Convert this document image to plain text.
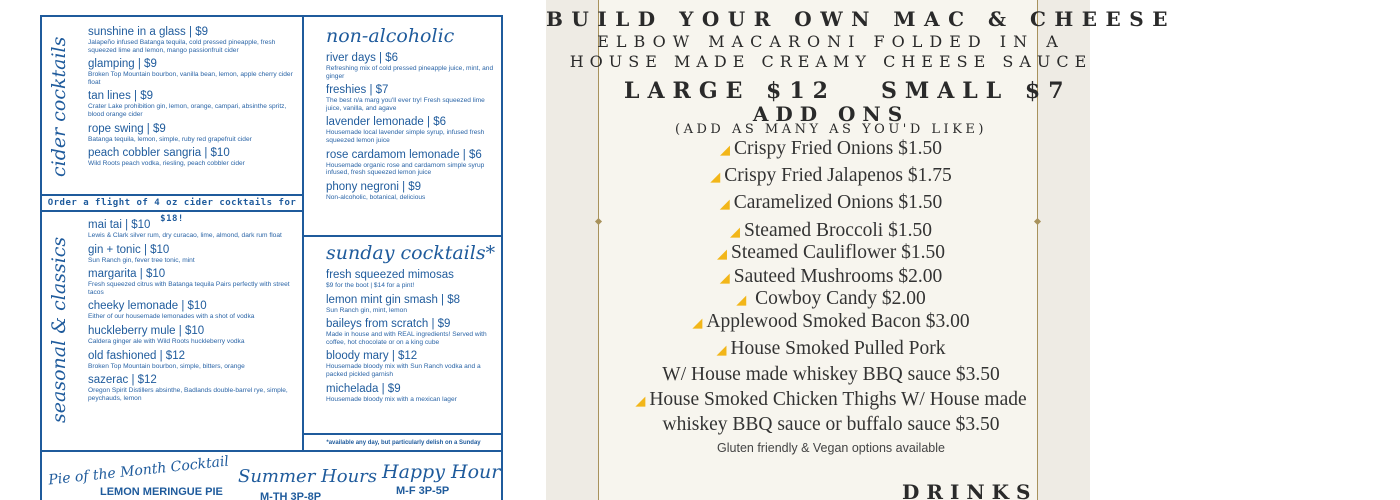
cider cocktails
seasonal & classics
sunshine in a glass | $9
Jalapeño infused Batanga tequila, cold pressed pineapple, fresh squeezed lime and lemon, mango passionfruit cider
glamping | $9
Broken Top Mountain bourbon, vanilla bean, lemon, apple cherry cider float
tan lines | $9
Crater Lake prohibition gin, lemon, orange, campari, absinthe spritz, blood orange cider
rope swing | $9
Batanga tequila, lemon, simple, ruby red grapefruit cider
peach cobbler sangria | $10
Wild Roots peach vodka, riesling, peach cobbler cider
Order a flight of 4 oz cider cocktails for $18!
mai tai | $10
Lewis & Clark silver rum, dry curacao, lime, almond, dark rum float
gin + tonic | $10
Sun Ranch gin, fever tree tonic, mint
margarita | $10
Fresh squeezed citrus with Batanga tequila Pairs perfectly with street tacos
cheeky lemonade | $10
Either of our housemade lemonades with a shot of vodka
huckleberry mule | $10
Caldera ginger ale with Wild Roots huckleberry vodka
old fashioned | $12
Broken Top Mountain bourbon, simple, bitters, orange
sazerac | $12
Oregon Spirit Distillers absinthe, Badlands double-barrel rye, simple, peychauds, lemon
non-alcoholic
river days | $6
Refreshing mix of cold pressed pineapple juice, mint, and ginger
freshies | $7
The best n/a marg you'll ever try! Fresh squeezed lime juice, vanilla, and agave
lavender lemonade | $6
Housemade local lavender simple syrup, infused fresh squeezed lemon juice
rose cardamom lemonade | $6
Housemade organic rose and cardamom simple syrup infused, fresh squeezed lemon juice
phony negroni | $9
Non-alcoholic, botanical, delicious
sunday cocktails*
fresh squeezed mimosas
$9 for the boot | $14 for a pint!
lemon mint gin smash | $8
Sun Ranch gin, mint, lemon
baileys from scratch | $9
Made in house and with REAL ingredients! Served with coffee, hot chocolate or on a king cube
bloody mary | $12
Housemade bloody mix with Sun Ranch vodka and a packed pickled garnish
michelada | $9
Housemade bloody mix with a mexican lager
*available any day, but particularly delish on a Sunday
Pie of the Month Cocktail
LEMON MERINGUE PIE
Summer Hours
M-TH 3P-8P
Happy Hour
M-F 3P-5P
BUILD YOUR OWN MAC & CHEESE
ELBOW MACARONI FOLDED IN A
HOUSE MADE CREAMY CHEESE SAUCE
LARGE $12 SMALL $7
ADD ONS
(ADD AS MANY AS YOU'D LIKE)
◢ Crispy Fried Onions $1.50
◢ Crispy Fried Jalapenos $1.75
◢ Caramelized Onions $1.50
◢ Steamed Broccoli $1.50
◢ Steamed Cauliflower $1.50
◢ Sauteed Mushrooms $2.00
◢ Cowboy Candy $2.00
◢ Applewood Smoked Bacon $3.00
◢ House Smoked Pulled Pork
W/ House made whiskey BBQ sauce $3.50
◢ House Smoked Chicken Thighs W/ House made
whiskey BBQ sauce or buffalo sauce $3.50
Gluten friendly & Vegan options available
DRINKS
